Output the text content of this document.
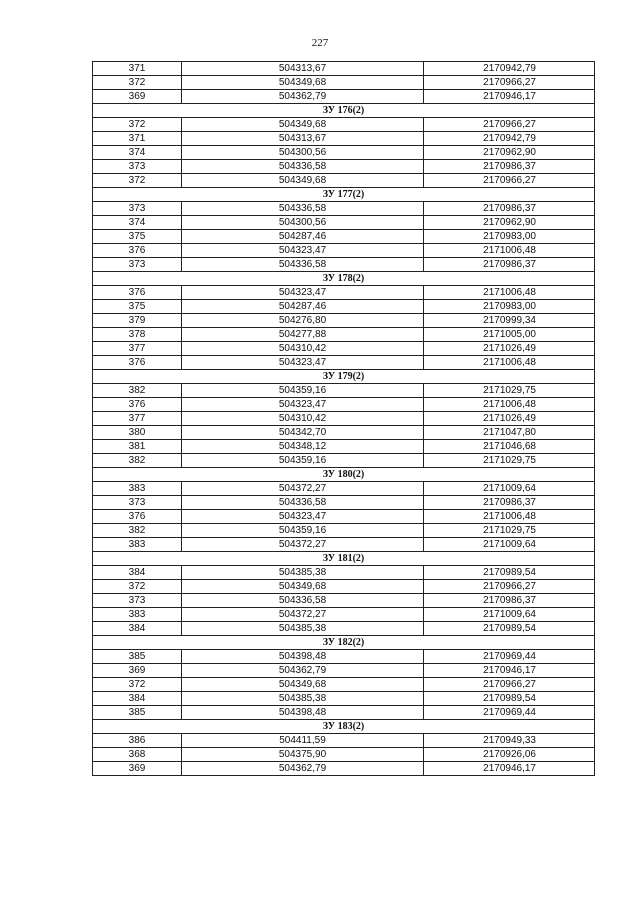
227
371	504313,67	2170942,79
372	504349,68	2170966,27
369	504362,79	2170946,17
ЗУ 176(2)		
372	504349,68	2170966,27
371	504313,67	2170942,79
374	504300,56	2170962,90
373	504336,58	2170986,37
372	504349,68	2170966,27
ЗУ 177(2)		
373	504336,58	2170986,37
374	504300,56	2170962,90
375	504287,46	2170983,00
376	504323,47	2171006,48
373	504336,58	2170986,37
ЗУ 178(2)		
376	504323,47	2171006,48
375	504287,46	2170983,00
379	504276,80	2170999,34
378	504277,88	2171005,00
377	504310,42	2171026,49
376	504323,47	2171006,48
ЗУ 179(2)		
382	504359,16	2171029,75
376	504323,47	2171006,48
377	504310,42	2171026,49
380	504342,70	2171047,80
381	504348,12	2171046,68
382	504359,16	2171029,75
ЗУ 180(2)		
383	504372,27	2171009,64
373	504336,58	2170986,37
376	504323,47	2171006,48
382	504359,16	2171029,75
383	504372,27	2171009,64
ЗУ 181(2)		
384	504385,38	2170989,54
372	504349,68	2170966,27
373	504336,58	2170986,37
383	504372,27	2171009,64
384	504385,38	2170989,54
ЗУ 182(2)		
385	504398,48	2170969,44
369	504362,79	2170946,17
372	504349,68	2170966,27
384	504385,38	2170989,54
385	504398,48	2170969,44
ЗУ 183(2)		
386	504411,59	2170949,33
368	504375,90	2170926,06
369	504362,79	2170946,17
